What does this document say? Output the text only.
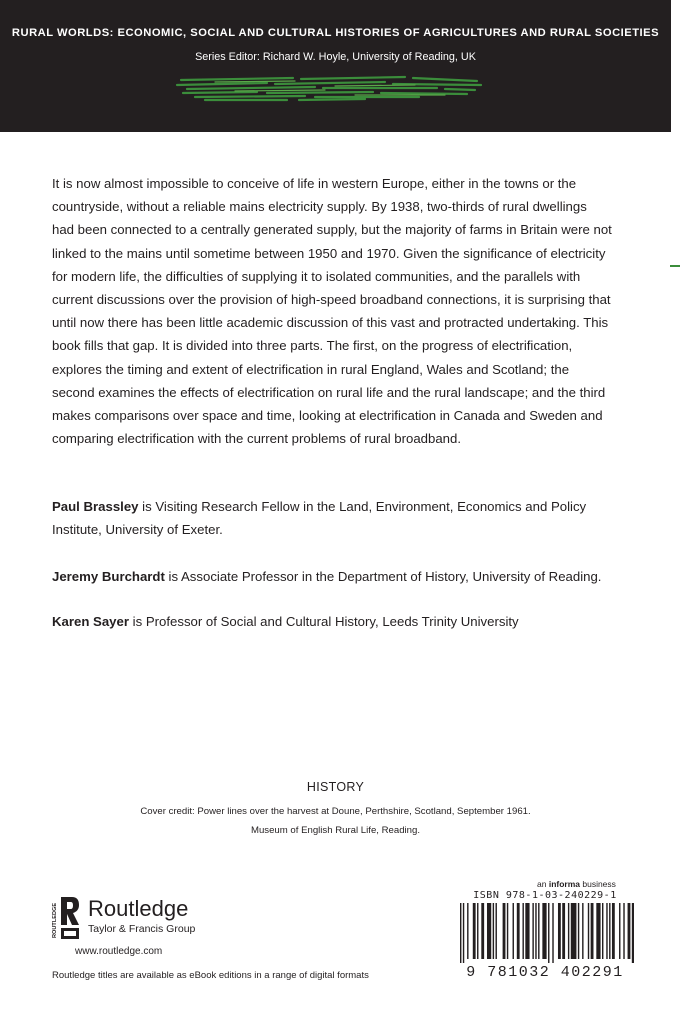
RURAL WORLDS: ECONOMIC, SOCIAL AND CULTURAL HISTORIES OF AGRICULTURES AND RURAL SOCIETIES
Series Editor: Richard W. Hoyle, University of Reading, UK

It is now almost impossible to conceive of life in western Europe, either in the towns or the countryside, without a reliable mains electricity supply. By 1938, two-thirds of rural dwellings had been connected to a centrally generated supply, but the majority of farms in Britain were not linked to the mains until sometime between 1950 and 1970. Given the significance of electricity for modern life, the difficulties of supplying it to isolated communities, and the parallels with current discussions over the provision of high-speed broadband connections, it is surprising that until now there has been little academic discussion of this vast and protracted undertaking. This book fills that gap. It is divided into three parts. The first, on the progress of electrification, explores the timing and extent of electrification in rural England, Wales and Scotland; the second examines the effects of electrification on rural life and the rural landscape; and the third makes comparisons over space and time, looking at electrification in Canada and Sweden and comparing electrification with the current problems of rural broadband.

Paul Brassley is Visiting Research Fellow in the Land, Environment, Economics and Policy Institute, University of Exeter.

Jeremy Burchardt is Associate Professor in the Department of History, University of Reading.

Karen Sayer is Professor of Social and Cultural History, Leeds Trinity University

HISTORY
Cover credit: Power lines over the harvest at Doune, Perthshire, Scotland, September 1961.
Museum of English Rural Life, Reading.
ROUTLEDGE Routledge
Taylor & Francis Group
www.routledge.com
Routledge titles are available as eBook editions in a range of digital formats
an informa business
ISBN 978-1-03-240229-1
9 781032 402291
